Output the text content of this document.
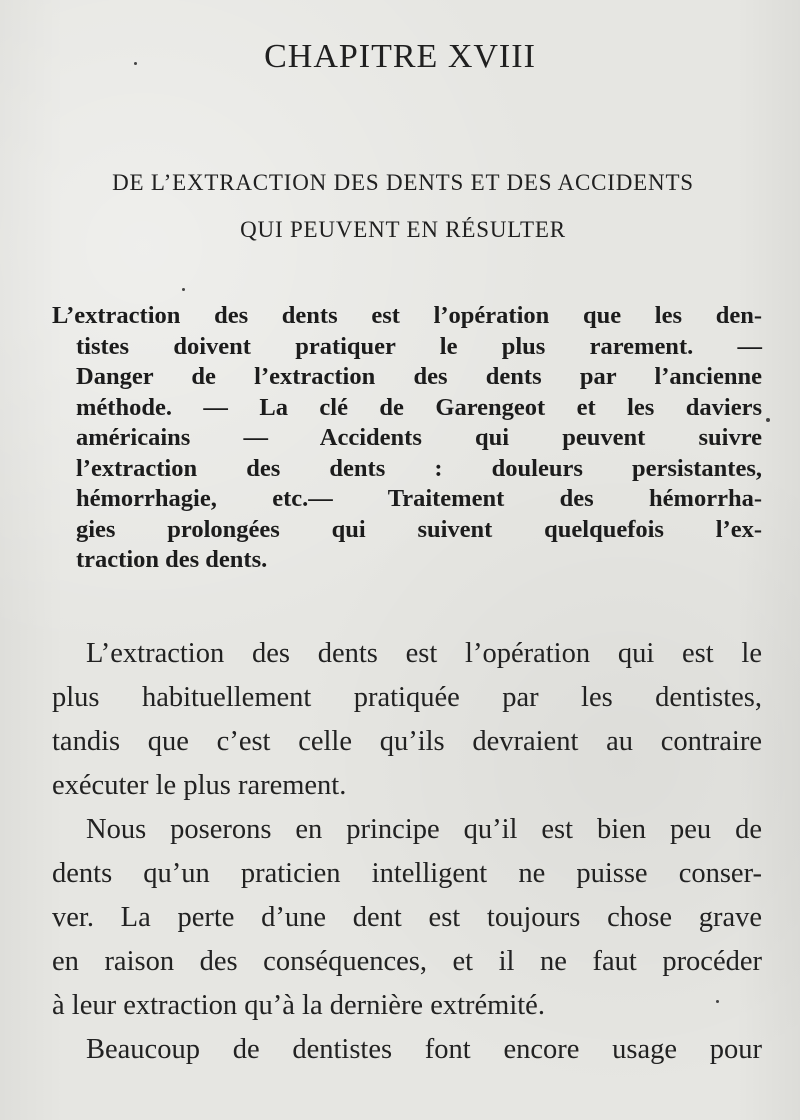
CHAPITRE XVIII
DE L’EXTRACTION DES DENTS ET DES ACCIDENTS
QUI PEUVENT EN RÉSULTER
L’extraction des dents est l’opération que les den-
tistes doivent pratiquer le plus rarement. —
Danger de l’extraction des dents par l’ancienne
méthode. — La clé de Garengeot et les daviers
américains — Accidents qui peuvent suivre
l’extraction des dents : douleurs persistantes,
hémorrhagie, etc.— Traitement des hémorrha-
gies prolongées qui suivent quelquefois l’ex-
traction des dents.
L’extraction des dents est l’opération qui est le
plus habituellement pratiquée par les dentistes,
tandis que c’est celle qu’ils devraient au contraire
exécuter le plus rarement.
Nous poserons en principe qu’il est bien peu de
dents qu’un praticien intelligent ne puisse conser-
ver. La perte d’une dent est toujours chose grave
en raison des conséquences, et il ne faut procéder
à leur extraction qu’à la dernière extrémité.
Beaucoup de dentistes font encore usage pour
